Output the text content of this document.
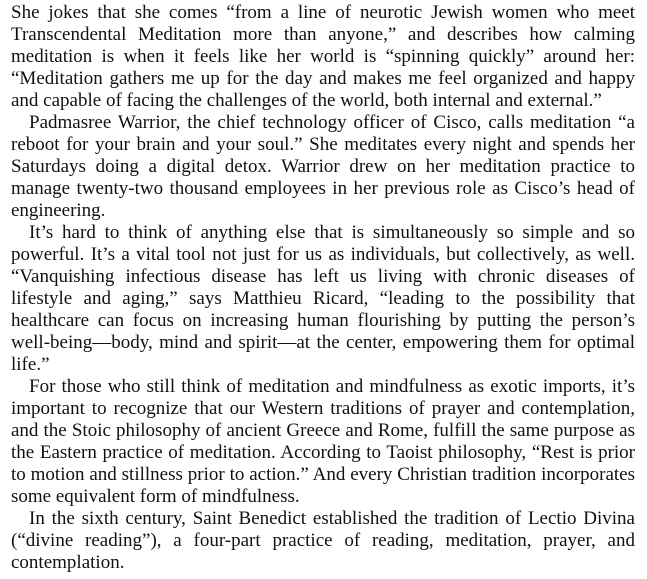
She jokes that she comes “from a line of neurotic Jewish women who meet Transcendental Meditation more than anyone,” and describes how calming meditation is when it feels like her world is “spinning quickly” around her: “Meditation gathers me up for the day and makes me feel organized and happy and capable of facing the challenges of the world, both internal and external.”

Padmasree Warrior, the chief technology officer of Cisco, calls meditation “a reboot for your brain and your soul.” She meditates every night and spends her Saturdays doing a digital detox. Warrior drew on her meditation practice to manage twenty-two thousand employees in her previous role as Cisco’s head of engineering.

It’s hard to think of anything else that is simultaneously so simple and so powerful. It’s a vital tool not just for us as individuals, but collectively, as well. “Vanquishing infectious disease has left us living with chronic diseases of lifestyle and aging,” says Matthieu Ricard, “leading to the possibility that healthcare can focus on increasing human flourishing by putting the person’s well-being—body, mind and spirit—at the center, empowering them for optimal life.”

For those who still think of meditation and mindfulness as exotic imports, it’s important to recognize that our Western traditions of prayer and contemplation, and the Stoic philosophy of ancient Greece and Rome, fulfill the same purpose as the Eastern practice of meditation. According to Taoist philosophy, “Rest is prior to motion and stillness prior to action.” And every Christian tradition incorporates some equivalent form of mindfulness.

In the sixth century, Saint Benedict established the tradition of Lectio Divina (“divine reading”), a four-part practice of reading, meditation, prayer, and contemplation.
